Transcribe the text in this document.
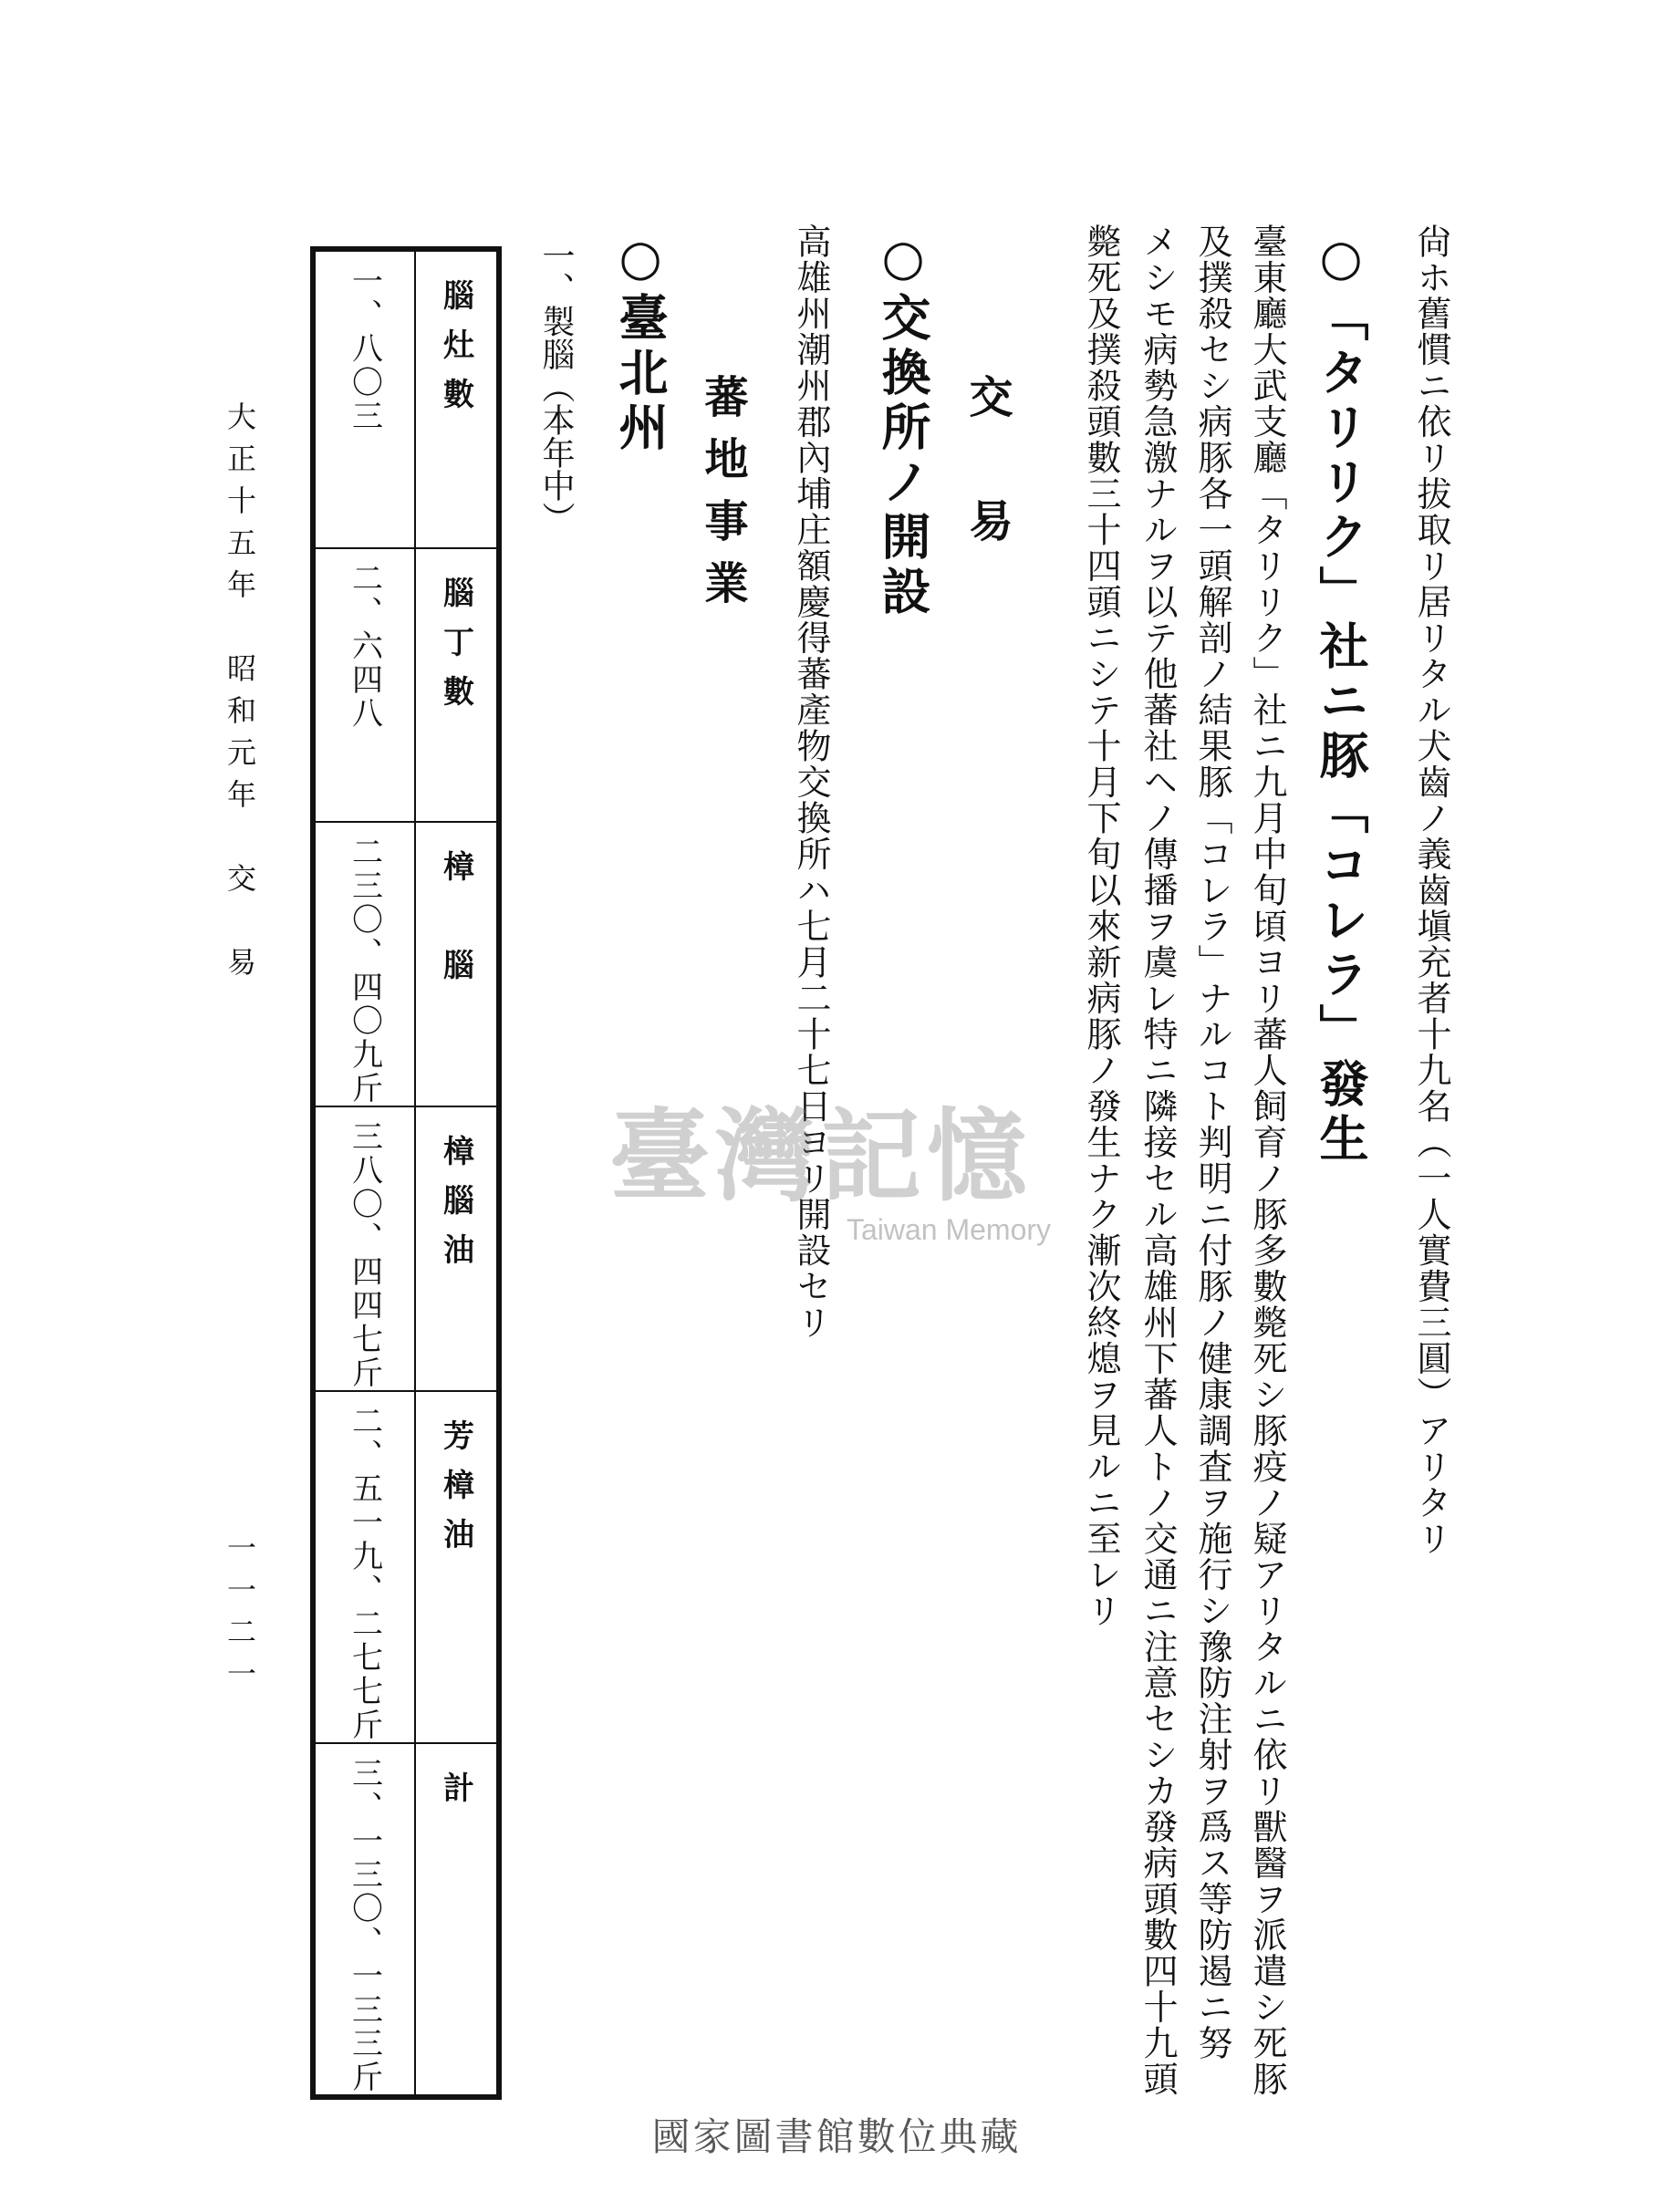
尙ホ舊慣ニ依リ拔取リ居リタル犬齒ノ義齒塡充者十九名（一人實費三圓）アリタリ
○「タリリク」社ニ豚「コレラ」發生
臺東廳大武支廳「タリリク」社ニ九月中旬頃ヨリ蕃人飼育ノ豚多數斃死シ豚疫ノ疑アリタルニ依リ獸醫ヲ派遣シ死豚
及撲殺セシ病豚各一頭解剖ノ結果豚「コレラ」ナルコト判明ニ付豚ノ健康調査ヲ施行シ豫防注射ヲ爲ス等防遏ニ努
メシモ病勢急激ナルヲ以テ他蕃社ヘノ傳播ヲ虞レ特ニ隣接セル高雄州下蕃人トノ交通ニ注意セシカ發病頭數四十九頭
斃死及撲殺頭數三十四頭ニシテ十月下旬以來新病豚ノ發生ナク漸次終熄ヲ見ルニ至レリ
交　易
○交換所ノ開設
高雄州潮州郡內埔庄額慶得蕃產物交換所ハ七月二十七日ヨリ開設セリ
蕃地事業
○臺北州
一、製腦（本年中）
一、八〇三	腦灶數

二、六四八	腦丁數

二三〇、四〇九斤	樟　腦

三八〇、四四七斤	樟腦油

二、五一九、二七七斤	芳樟油

三、一三〇、一三三斤	計
大正十五年　昭和元年　交　易
一一二一
臺灣記憶
Taiwan Memory
國家圖書館數位典藏
